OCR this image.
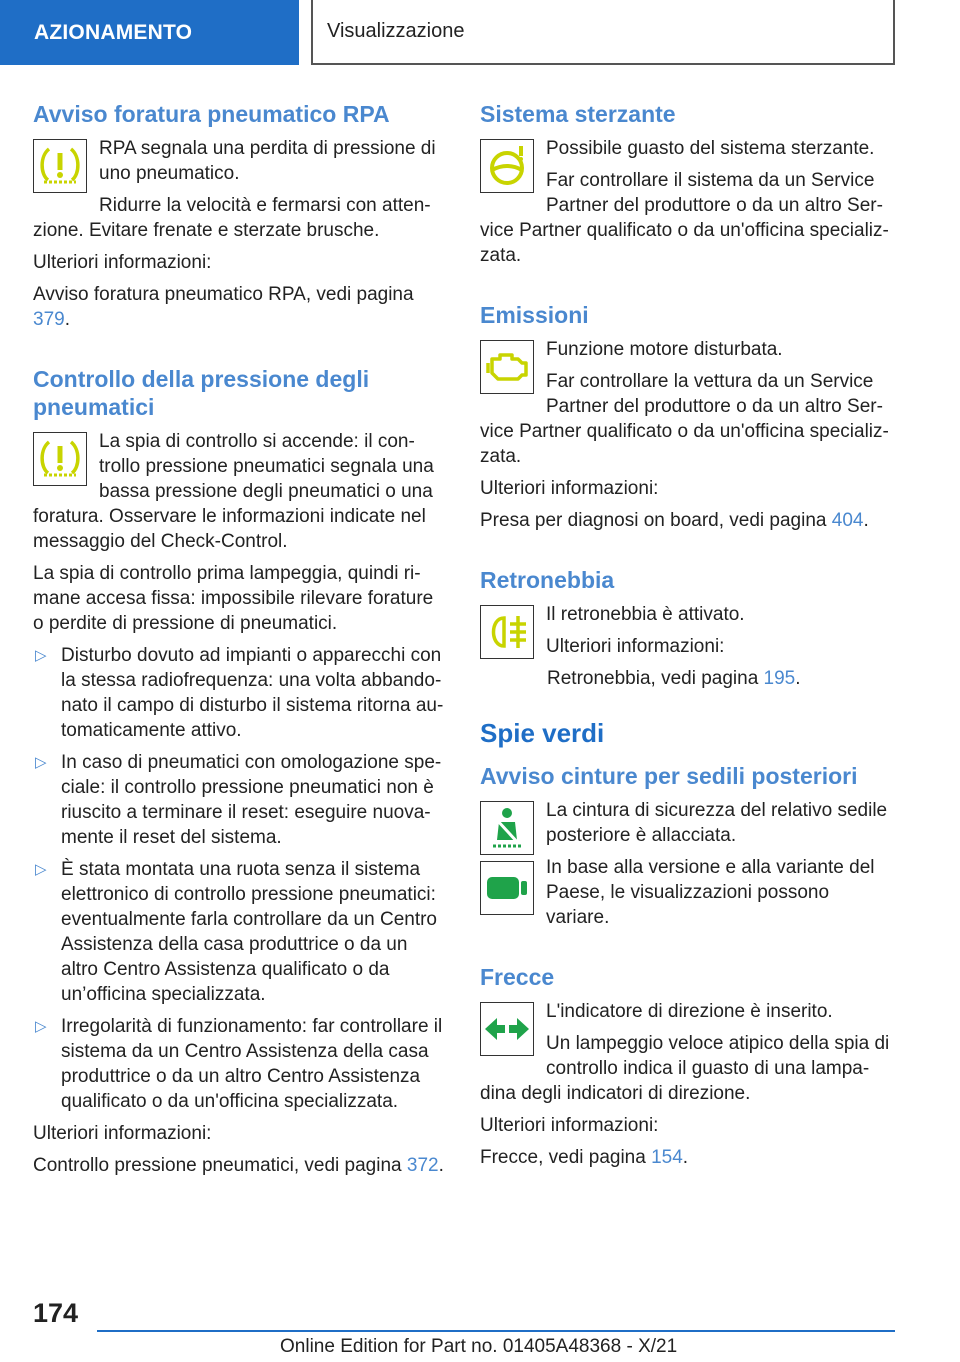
AZIONAMENTO	Visualizzazione
Avviso foratura pneumatico RPA

RPA segnala una perdita di pressione di uno pneumatico.

Ridurre la velocità e fermarsi con attenzione. Evitare frenate e sterzate brusche.

Ulteriori informazioni:

Avviso foratura pneumatico RPA, vedi pagina 379.

Controllo della pressione degli pneumatici

La spia di controllo si accende: il controllo pressione pneumatici segnala una bassa pressione degli pneumatici o una foratura. Osservare le informazioni indicate nel messaggio del Check-Control.

La spia di controllo prima lampeggia, quindi rimane accesa fissa: impossibile rilevare forature o perdite di pressione di pneumatici.

▷ Disturbo dovuto ad impianti o apparecchi con la stessa radiofrequenza: una volta abbandonato il campo di disturbo il sistema ritorna automaticamente attivo.
▷ In caso di pneumatici con omologazione speciale: il controllo pressione pneumatici non è riuscito a terminare il reset: eseguire nuovamente il reset del sistema.
▷ È stata montata una ruota senza il sistema elettronico di controllo pressione pneumatici: eventualmente farla controllare da un Centro Assistenza della casa produttrice o da un altro Centro Assistenza qualificato o da un’officina specializzata.
▷ Irregolarità di funzionamento: far controllare il sistema da un Centro Assistenza della casa produttrice o da un altro Centro Assistenza qualificato o da un'officina specializzata.

Ulteriori informazioni:

Controllo pressione pneumatici, vedi pagina 372.

Sistema sterzante

Possibile guasto del sistema sterzante.

Far controllare il sistema da un Service Partner del produttore o da un altro Service Partner qualificato o da un'officina specializzata.

Emissioni

Funzione motore disturbata.

Far controllare la vettura da un Service Partner del produttore o da un altro Service Partner qualificato o da un'officina specializzata.

Ulteriori informazioni:

Presa per diagnosi on board, vedi pagina 404.

Retronebbia

Il retronebbia è attivato.

Ulteriori informazioni:

Retronebbia, vedi pagina 195.

Spie verdi
Avviso cinture per sedili posteriori

La cintura di sicurezza del relativo sedile posteriore è allacciata.

In base alla versione e alla variante del Paese, le visualizzazioni possono variare.

Frecce

L'indicatore di direzione è inserito.

Un lampeggio veloce atipico della spia di controllo indica il guasto di una lampadina degli indicatori di direzione.

Ulteriori informazioni:

Frecce, vedi pagina 154.

174
Online Edition for Part no. 01405A48368 - X/21
